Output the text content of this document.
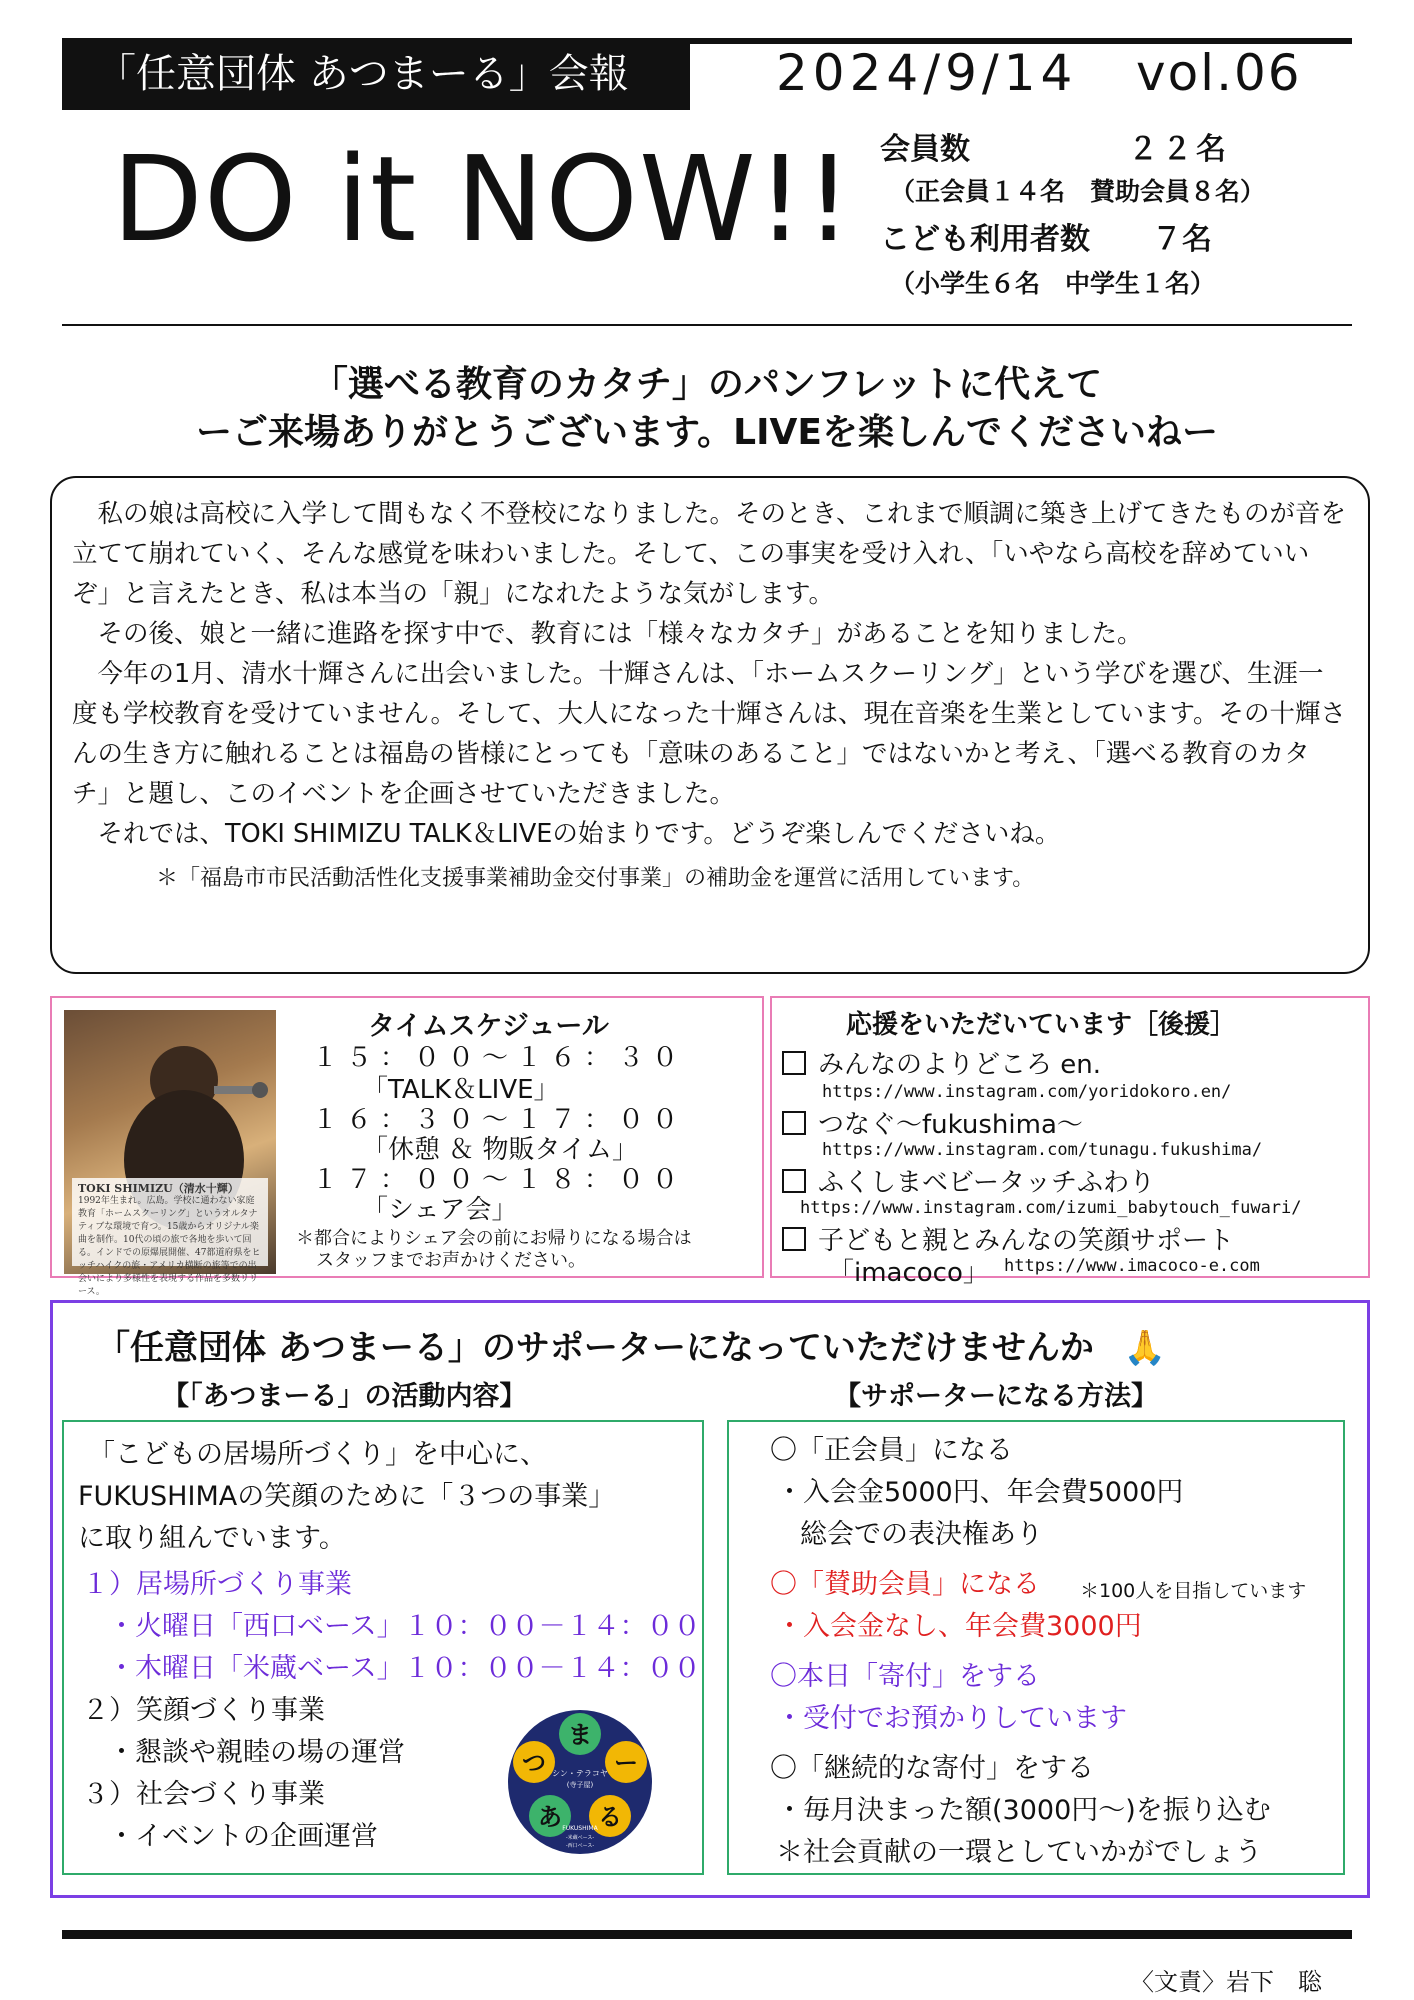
「任意団体 あつまーる」会報	2024/9/14 vol.06
DO it NOW!! 会員数	２２名
（正会員１４名　賛助会員８名）
こども利用者数 ７名
（小学生６名　中学生１名）
「選べる教育のカタチ」のパンフレットに代えて
ーご来場ありがとうございます。LIVEを楽しんでくださいねー

私の娘は高校に入学して間もなく不登校になりました。そのとき、これまで順調に築き上げてきたものが音を立てて崩れていく、そんな感覚を味わいました。そして、この事実を受け入れ、「いやなら高校を辞めていいぞ」と言えたとき、私は本当の「親」になれたような気がします。

その後、娘と一緒に進路を探す中で、教育には「様々なカタチ」があることを知りました。

今年の1月、清水十輝さんに出会いました。十輝さんは、「ホームスクーリング」という学びを選び、生涯一度も学校教育を受けていません。そして、大人になった十輝さんは、現在音楽を生業としています。その十輝さんの生き方に触れることは福島の皆様にとっても「意味のあること」ではないかと考え、「選べる教育のカタチ」と題し、このイベントを企画させていただきました。

それでは、TOKI SHIMIZU TALK＆LIVEの始まりです。どうぞ楽しんでくださいね。

＊「福島市市民活動活性化支援事業補助金交付事業」の補助金を運営に活用しています。
TOKI SHIMIZU（清水十輝）
1992年生まれ。広島。学校に通わない家庭教育「ホームスクーリング」というオルタナティブな環境で育つ。15歳からオリジナル楽曲を制作。10代の頃の旅で各地を歩いて回る。インドでの原爆展開催、47都道府県をヒッチハイクの旅・アメリカ横断の旅等での出会いにより多様性を表現する作品を多数リリース。
タイムスケジュール
１５：００～１６：３０
「TALK＆LIVE」
１６：３０～１７：００
「休憩 ＆ 物販タイム」
１７：００～１８：００
「シェア会」
＊都合によりシェア会の前にお帰りになる場合は
スタッフまでお声かけください。
応援をいただいています［後援］
みんなのよりどころ en.
https://www.instagram.com/yoridokoro.en/
つなぐ～fukushima～
https://www.instagram.com/tunagu.fukushima/
ふくしまベビータッチふわり
https://www.instagram.com/izumi_babytouch_fuwari/
子どもと親とみんなの笑顔サポート
「imacoco」 https://www.imacoco-e.com
「任意団体 あつまーる」のサポーターになっていただけませんか 🙏
【「あつまーる」の活動内容】	【サポーターになる方法】
「こどもの居場所づくり」を中心に、
FUKUSHIMAの笑顔のために「３つの事業」
に取り組んでいます。
１）居場所づくり事業
・火曜日「西口ベース」１０：００－１４：００
・木曜日「米蔵ベース」１０：００－１４：００
２）笑顔づくり事業
・懇談や親睦の場の運営
３）社会づくり事業
・イベントの企画運営
ま
ー
る
あ
つ シン・テラコヤ
(寺子屋)
FUKUSHIMA
-米蔵ベース-
-西口ベース-
〇「正会員」になる
・入会金5000円、年会費5000円
総会での表決権あり
〇「賛助会員」になる ＊100人を目指しています
・入会金なし、年会費3000円
〇本日「寄付」をする
・受付でお預かりしています
〇「継続的な寄付」をする
・毎月決まった額(3000円～)を振り込む
＊社会貢献の一環としていかがでしょう
〈文責〉岩下　聡
